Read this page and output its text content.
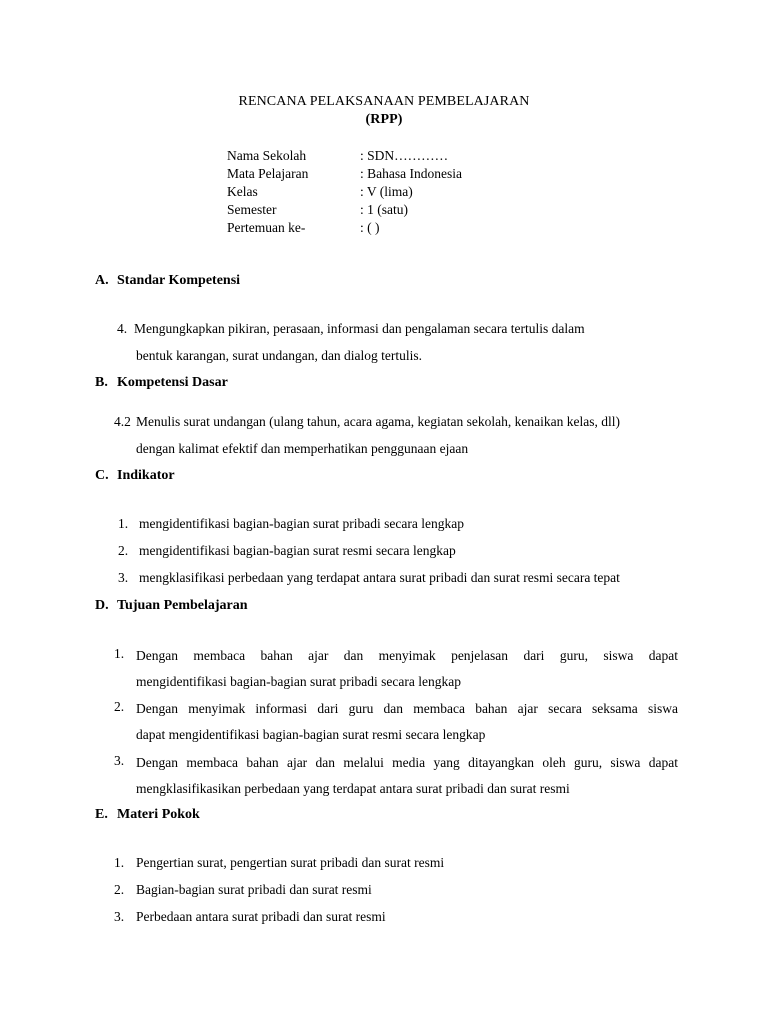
RENCANA PELAKSANAAN PEMBELAJARAN
(RPP)
Nama Sekolah	: SDN…………
Mata Pelajaran	: Bahasa Indonesia
Kelas	: V (lima)
Semester	: 1 (satu)
Pertemuan ke-	: ( )
A. Standar Kompetensi
4. Mengungkapkan pikiran, perasaan, informasi dan pengalaman secara tertulis dalam
bentuk karangan, surat undangan, dan dialog tertulis.
B. Kompetensi Dasar
4.2 Menulis surat undangan (ulang tahun, acara agama, kegiatan sekolah, kenaikan kelas, dll)
dengan kalimat efektif dan memperhatikan penggunaan ejaan
C. Indikator
1. mengidentifikasi bagian-bagian surat pribadi secara lengkap
2. mengidentifikasi bagian-bagian surat resmi secara lengkap
3. mengklasifikasi perbedaan yang terdapat antara surat pribadi dan surat resmi secara tepat
D. Tujuan Pembelajaran
1. Dengan membaca bahan ajar dan menyimak penjelasan dari guru, siswa dapat
mengidentifikasi bagian-bagian surat pribadi secara lengkap
2. Dengan menyimak informasi dari guru dan membaca bahan ajar secara seksama siswa
dapat mengidentifikasi bagian-bagian surat resmi secara lengkap
3. Dengan membaca bahan ajar dan melalui media yang ditayangkan oleh guru, siswa dapat
mengklasifikasikan perbedaan yang terdapat antara surat pribadi dan surat resmi
E. Materi Pokok
1. Pengertian surat, pengertian surat pribadi dan surat resmi
2. Bagian-bagian surat pribadi dan surat resmi
3. Perbedaan antara surat pribadi dan surat resmi
